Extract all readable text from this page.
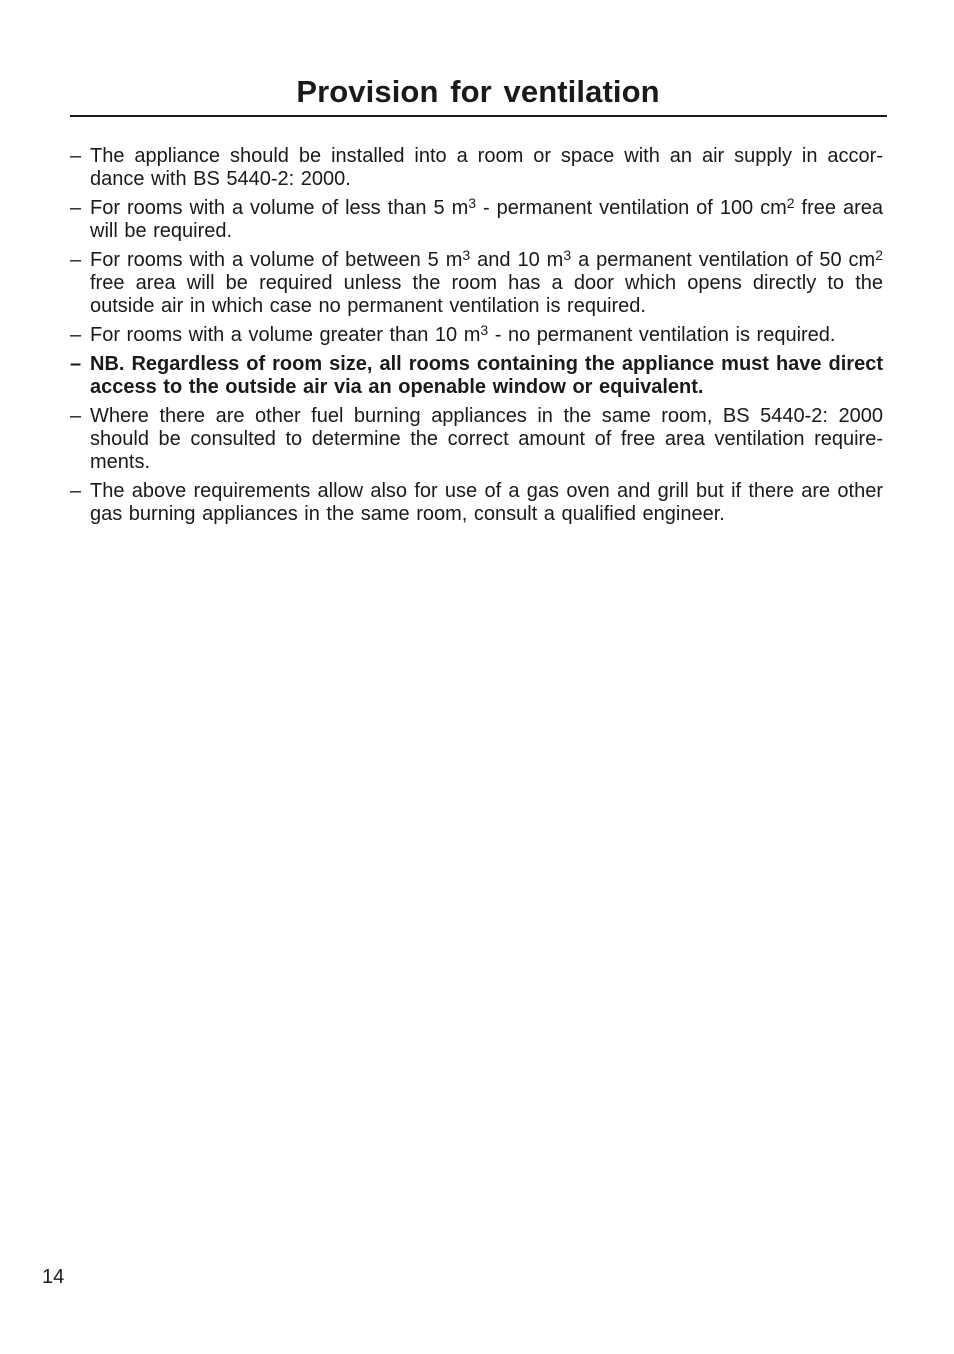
Provision for ventilation
– The appliance should be installed into a room or space with an air supply in accor-dance with BS 5440-2: 2000.
– For rooms with a volume of less than 5 $m^3$ - permanent ventilation of 100 $cm^2$ free area will be required.
– For rooms with a volume of between 5 $m^3$ and 10 $m^3$ a permanent ventilation of 50 $cm^2$ free area will be required unless the room has a door which opens directly to the outside air in which case no permanent ventilation is required.
– For rooms with a volume greater than 10 $m^3$ - no permanent ventilation is required.
– NB. Regardless of room size, all rooms containing the appliance must have direct access to the outside air via an openable window or equivalent.
– Where there are other fuel burning appliances in the same room, BS 5440-2: 2000 should be consulted to determine the correct amount of free area ventilation require-ments.
– The above requirements allow also for use of a gas oven and grill but if there are other gas burning appliances in the same room, consult a qualified engineer.
14
